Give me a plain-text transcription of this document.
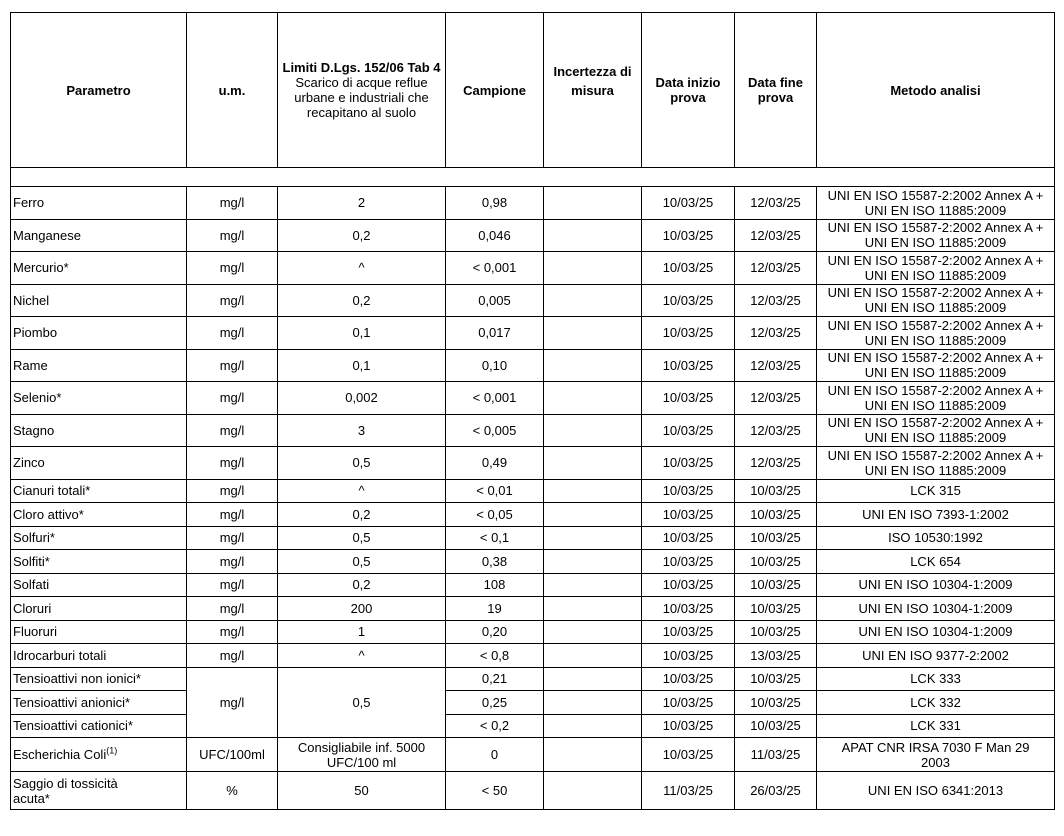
Parametro	u.m.	Limiti D.Lgs. 152/06 Tab 4
Scarico di acque reflue urbane e industriali che recapitano al suolo	Campione	Incertezza di misura	Data inizio prova	Data fine prova	Metodo analisi

Ferro	mg/l	2	0,98		10/03/25	12/03/25	UNI EN ISO 15587-2:2002 Annex A +
UNI EN ISO 11885:2009

Manganese	mg/l	0,2	0,046		10/03/25	12/03/25	UNI EN ISO 15587-2:2002 Annex A +
UNI EN ISO 11885:2009

Mercurio*	mg/l	^	< 0,001		10/03/25	12/03/25	UNI EN ISO 15587-2:2002 Annex A +
UNI EN ISO 11885:2009

Nichel	mg/l	0,2	0,005		10/03/25	12/03/25	UNI EN ISO 15587-2:2002 Annex A +
UNI EN ISO 11885:2009

Piombo	mg/l	0,1	0,017		10/03/25	12/03/25	UNI EN ISO 15587-2:2002 Annex A +
UNI EN ISO 11885:2009

Rame	mg/l	0,1	0,10		10/03/25	12/03/25	UNI EN ISO 15587-2:2002 Annex A +
UNI EN ISO 11885:2009

Selenio*	mg/l	0,002	< 0,001		10/03/25	12/03/25	UNI EN ISO 15587-2:2002 Annex A +
UNI EN ISO 11885:2009

Stagno	mg/l	3	< 0,005		10/03/25	12/03/25	UNI EN ISO 15587-2:2002 Annex A +
UNI EN ISO 11885:2009

Zinco	mg/l	0,5	0,49		10/03/25	12/03/25	UNI EN ISO 15587-2:2002 Annex A +
UNI EN ISO 11885:2009

Cianuri totali*	mg/l	^	< 0,01		10/03/25	10/03/25	LCK 315

Cloro attivo*	mg/l	0,2	< 0,05		10/03/25	10/03/25	UNI EN ISO 7393-1:2002

Solfuri*	mg/l	0,5	< 0,1		10/03/25	10/03/25	ISO 10530:1992

Solfiti*	mg/l	0,5	0,38		10/03/25	10/03/25	LCK 654

Solfati	mg/l	0,2	108		10/03/25	10/03/25	UNI EN ISO 10304-1:2009

Cloruri	mg/l	200	19		10/03/25	10/03/25	UNI EN ISO 10304-1:2009

Fluoruri	mg/l	1	0,20		10/03/25	10/03/25	UNI EN ISO 10304-1:2009

Idrocarburi totali	mg/l	^	< 0,8		10/03/25	13/03/25	UNI EN ISO 9377-2:2002

Tensioattivi non ionici*	mg/l	0,5	0,21		10/03/25	10/03/25	LCK 333
Tensioattivi anionici*			0,25		10/03/25	10/03/25	LCK 332
Tensioattivi cationici*			< 0,2		10/03/25	10/03/25	LCK 331
Escherichia Coli$^{(1)}$	UFC/100ml	Consigliabile inf. 5000
UFC/100 ml	0		10/03/25	11/03/25	APAT CNR IRSA 7030 F Man 29
2003

Saggio di tossicità
acuta*	%	50	< 50		11/03/25	26/03/25	UNI EN ISO 6341:2013
